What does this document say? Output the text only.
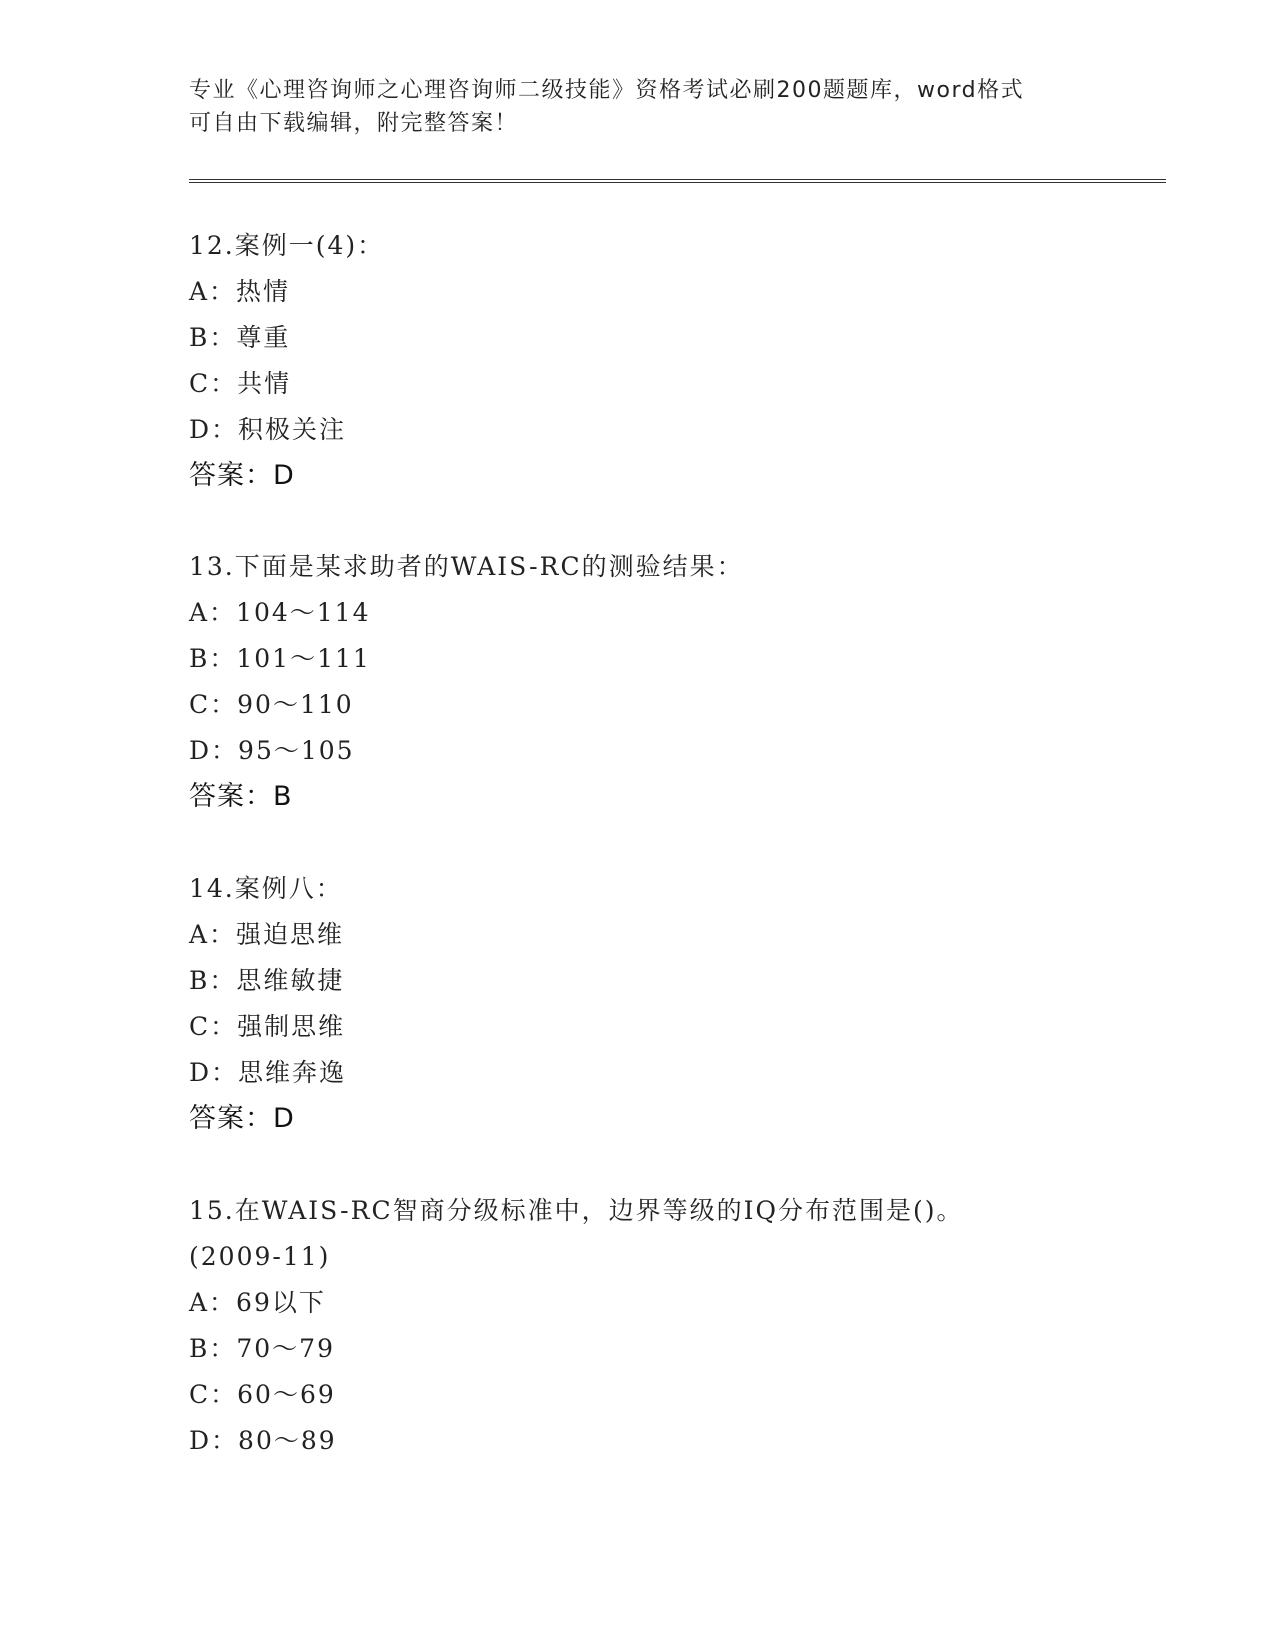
专业《心理咨询师之心理咨询师二级技能》资格考试必刷200题题库，word格式
可自由下载编辑，附完整答案！
12.案例一(4)：
A：热情
B：尊重
C：共情
D：积极关注
答案：D
13.下面是某求助者的WAIS-RC的测验结果：
A：104～114
B：101～111
C：90～110
D：95～105
答案：B
14.案例八：
A：强迫思维
B：思维敏捷
C：强制思维
D：思维奔逸
答案：D
15.在WAIS-RC智商分级标准中，边界等级的IQ分布范围是()。
(2009-11)
A：69以下
B：70～79
C：60～69
D：80～89
